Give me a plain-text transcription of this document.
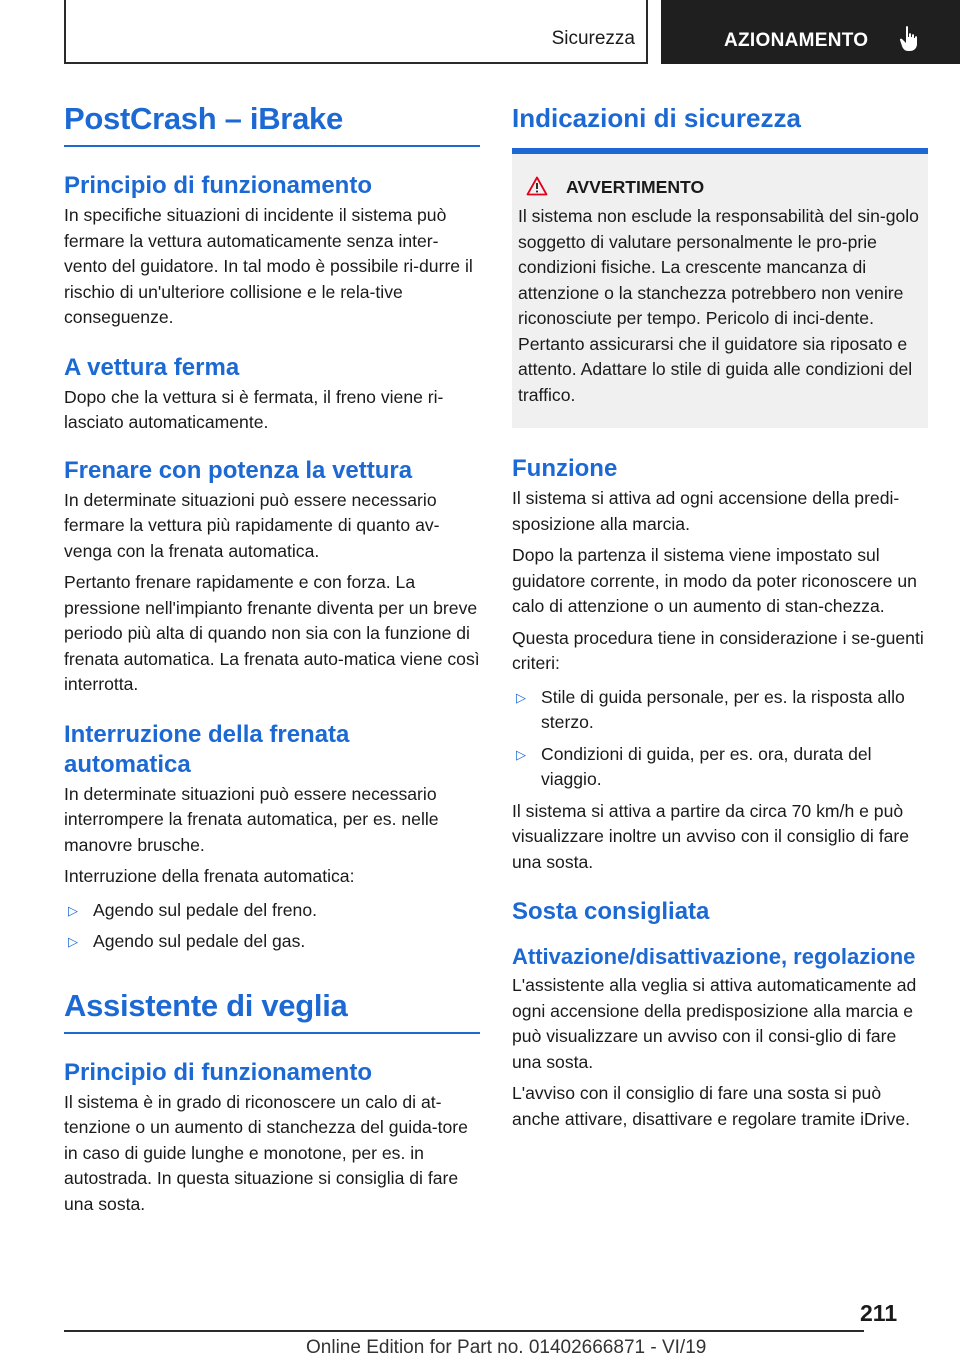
Sicurezza	AZIONAMENTO
PostCrash – iBrake
Principio di funzionamento

In specifiche situazioni di incidente il sistema può fermare la vettura automaticamente senza inter-vento del guidatore. In tal modo è possibile ri-durre il rischio di un'ulteriore collisione e le rela-tive conseguenze.

A vettura ferma

Dopo che la vettura si è fermata, il freno viene ri-lasciato automaticamente.

Frenare con potenza la vettura

In determinate situazioni può essere necessario fermare la vettura più rapidamente di quanto av-venga con la frenata automatica.

Pertanto frenare rapidamente e con forza. La pressione nell'impianto frenante diventa per un breve periodo più alta di quando non sia con la funzione di frenata automatica. La frenata auto-matica viene così interrotta.

Interruzione della frenata automatica

In determinate situazioni può essere necessario interrompere la frenata automatica, per es. nelle manovre brusche.

Interruzione della frenata automatica:

▷ Agendo sul pedale del freno.
▷ Agendo sul pedale del gas.
Assistente di veglia
Principio di funzionamento

Il sistema è in grado di riconoscere un calo di at-tenzione o un aumento di stanchezza del guida-tore in caso di guide lunghe e monotone, per es. in autostrada. In questa situazione si consiglia di fare una sosta.

Indicazioni di sicurezza
AVVERTIMENTO

Il sistema non esclude la responsabilità del sin-golo soggetto di valutare personalmente le pro-prie condizioni fisiche. La crescente mancanza di attenzione o la stanchezza potrebbero non venire riconosciute per tempo. Pericolo di inci-dente. Pertanto assicurarsi che il guidatore sia riposato e attento. Adattare lo stile di guida alle condizioni del traffico.

Funzione

Il sistema si attiva ad ogni accensione della predi-sposizione alla marcia.

Dopo la partenza il sistema viene impostato sul guidatore corrente, in modo da poter riconoscere un calo di attenzione o un aumento di stan-chezza.

Questa procedura tiene in considerazione i se-guenti criteri:

▷ Stile di guida personale, per es. la risposta allo sterzo.
▷ Condizioni di guida, per es. ora, durata del viaggio.

Il sistema si attiva a partire da circa 70 km/h e può visualizzare inoltre un avviso con il consiglio di fare una sosta.

Sosta consigliata
Attivazione/disattivazione, regolazione

L'assistente alla veglia si attiva automaticamente ad ogni accensione della predisposizione alla marcia e può visualizzare un avviso con il consi-glio di fare una sosta.

L'avviso con il consiglio di fare una sosta si può anche attivare, disattivare e regolare tramite iDrive.

211
Online Edition for Part no. 01402666871 - VI/19
